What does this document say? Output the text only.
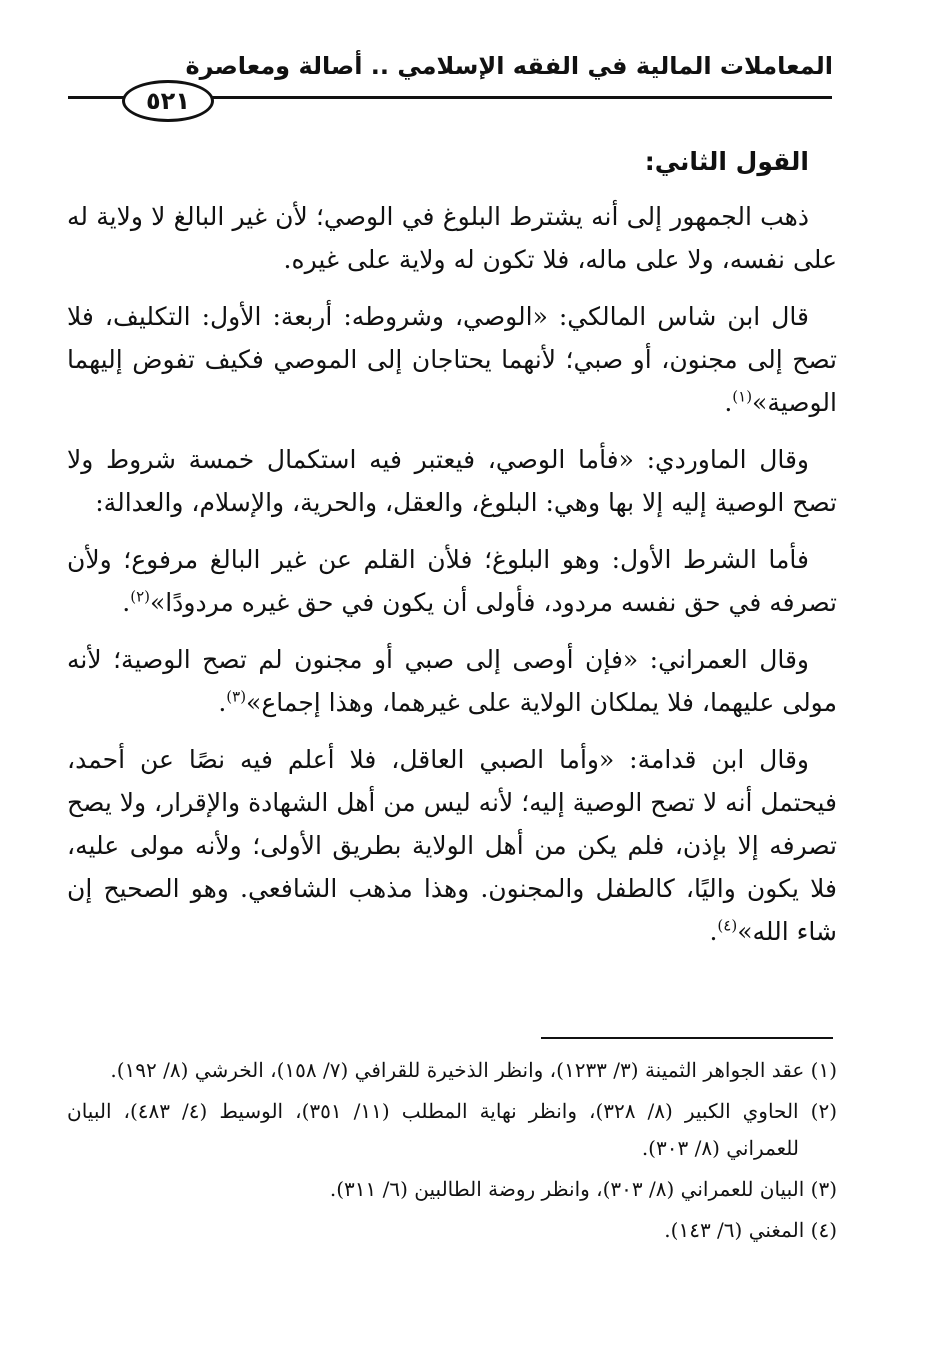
المعاملات المالية في الفقه الإسلامي .. أصالة ومعاصرة
٥٢١

القول الثاني:

ذهب الجمهور إلى أنه يشترط البلوغ في الوصي؛ لأن غير البالغ لا ولاية له على نفسه، ولا على ماله، فلا تكون له ولاية على غيره.

قال ابن شاس المالكي: «الوصي، وشروطه: أربعة: الأول: التكليف، فلا تصح إلى مجنون، أو صبي؛ لأنهما يحتاجان إلى الموصي فكيف تفوض إليهما الوصية»$^{(١)}$.

وقال الماوردي: «فأما الوصي، فيعتبر فيه استكمال خمسة شروط ولا تصح الوصية إليه إلا بها وهي: البلوغ، والعقل، والحرية، والإسلام، والعدالة:

فأما الشرط الأول: وهو البلوغ؛ فلأن القلم عن غير البالغ مرفوع؛ ولأن تصرفه في حق نفسه مردود، فأولى أن يكون في حق غيره مردودًا»$^{(٢)}$.

وقال العمراني: «فإن أوصى إلى صبي أو مجنون لم تصح الوصية؛ لأنه مولى عليهما، فلا يملكان الولاية على غيرهما، وهذا إجماع»$^{(٣)}$.

وقال ابن قدامة: «وأما الصبي العاقل، فلا أعلم فيه نصًا عن أحمد، فيحتمل أنه لا تصح الوصية إليه؛ لأنه ليس من أهل الشهادة والإقرار، ولا يصح تصرفه إلا بإذن، فلم يكن من أهل الولاية بطريق الأولى؛ ولأنه مولى عليه، فلا يكون واليًا، كالطفل والمجنون. وهذا مذهب الشافعي. وهو الصحيح إن شاء الله»$^{(٤)}$.

(١) عقد الجواهر الثمينة (٣/ ١٢٣٣)، وانظر الذخيرة للقرافي (٧/ ١٥٨)، الخرشي (٨/ ١٩٢).

(٢) الحاوي الكبير (٨/ ٣٢٨)، وانظر نهاية المطلب (١١/ ٣٥١)، الوسيط (٤/ ٤٨٣)، البيان للعمراني (٨/ ٣٠٣).

(٣) البيان للعمراني (٨/ ٣٠٣)، وانظر روضة الطالبين (٦/ ٣١١).

(٤) المغني (٦/ ١٤٣).
